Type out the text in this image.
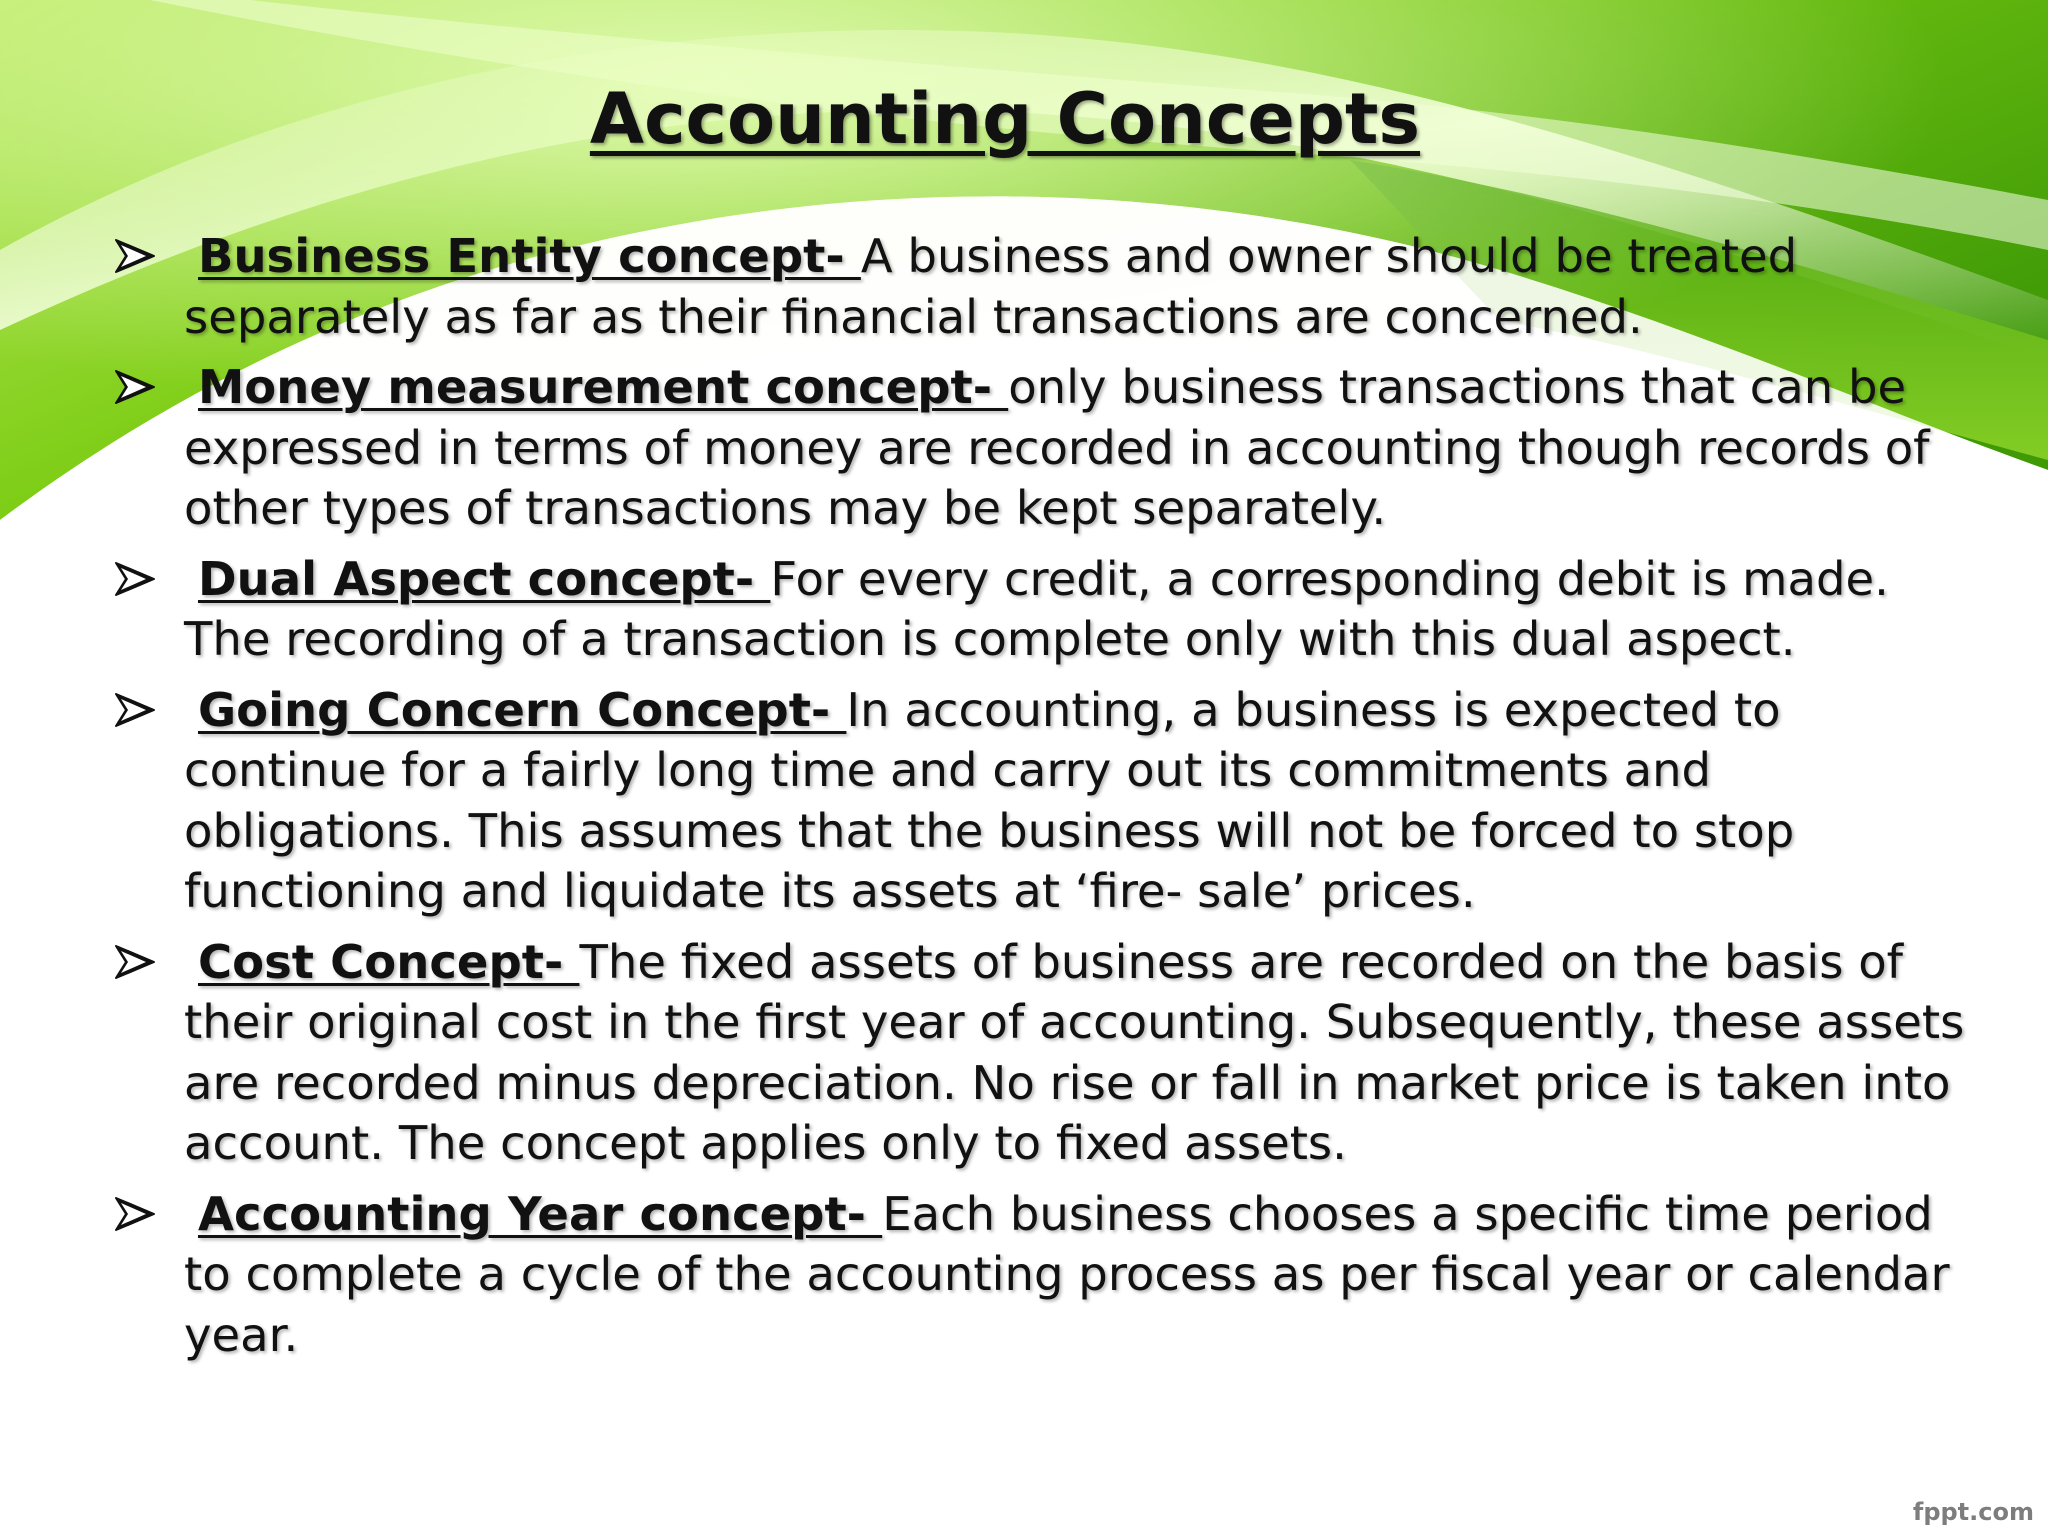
Accounting Concepts
Business Entity concept- A business and owner should be treated separately as far as their financial transactions are concerned.
Money measurement concept- only business transactions that can be expressed in terms of money are recorded in accounting though records of other types of transactions may be kept separately.
Dual Aspect concept- For every credit, a corresponding debit is made. The recording of a transaction is complete only with this dual aspect.
Going Concern Concept- In accounting, a business is expected to continue for a fairly long time and carry out its commitments and obligations. This assumes that the business will not be forced to stop functioning and liquidate its assets at ‘fire- sale’ prices.
Cost Concept- The fixed assets of business are recorded on the basis of their original cost in the first year of accounting. Subsequently, these assets are recorded minus depreciation. No rise or fall in market price is taken into account. The concept applies only to fixed assets.
Accounting Year concept- Each business chooses a specific time period to complete a cycle of the accounting process as per fiscal year or calendar year.
fppt.com
